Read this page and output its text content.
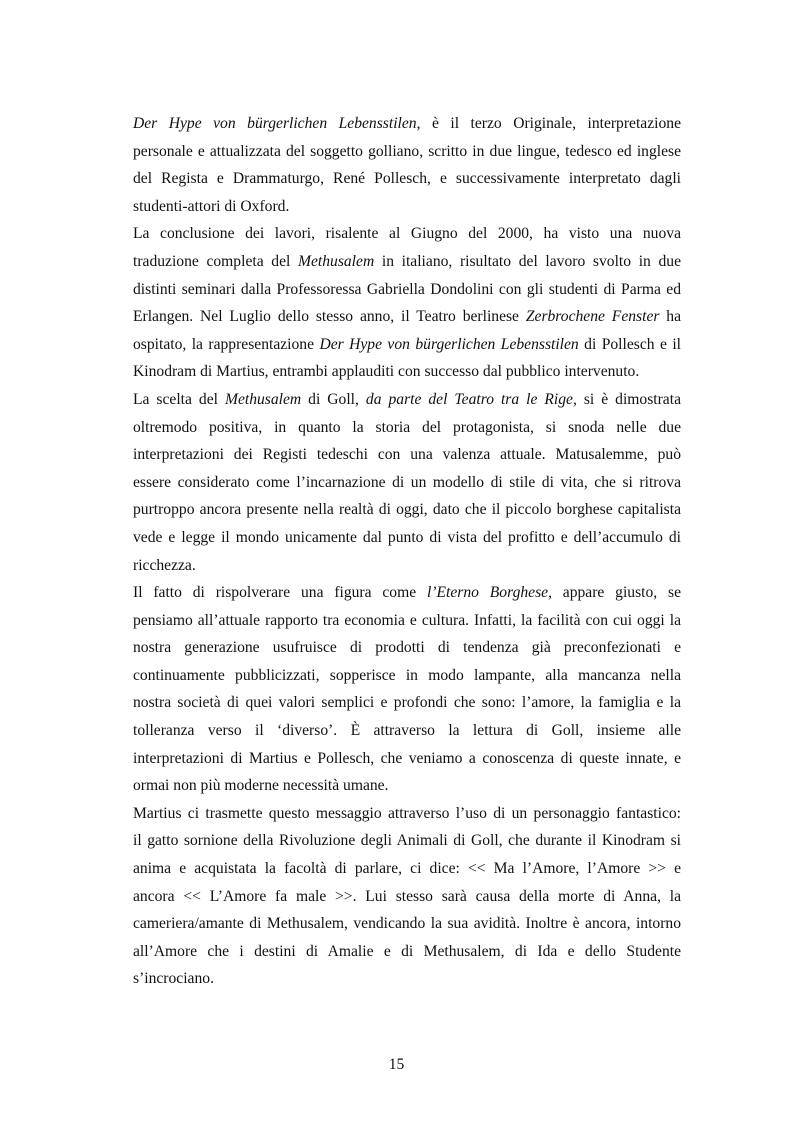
Der Hype von bürgerlichen Lebensstilen, è il terzo Originale, interpretazione
personale e attualizzata del soggetto golliano, scritto in due lingue, tedesco ed inglese
del Regista e Drammaturgo, René Pollesch, e successivamente interpretato dagli
studenti-attori di Oxford.

La conclusione dei lavori, risalente al Giugno del 2000, ha visto una nuova
traduzione completa del Methusalem in italiano, risultato del lavoro svolto in due
distinti seminari dalla Professoressa Gabriella Dondolini con gli studenti di Parma ed
Erlangen. Nel Luglio dello stesso anno, il Teatro berlinese Zerbrochene Fenster ha
ospitato, la rappresentazione Der Hype von bürgerlichen Lebensstilen di Pollesch e il
Kinodram di Martius, entrambi applauditi con successo dal pubblico intervenuto.

La scelta del Methusalem di Goll, da parte del Teatro tra le Rige, si è dimostrata
oltremodo positiva, in quanto la storia del protagonista, si snoda nelle due
interpretazioni dei Registi tedeschi con una valenza attuale. Matusalemme, può
essere considerato come l’incarnazione di un modello di stile di vita, che si ritrova
purtroppo ancora presente nella realtà di oggi, dato che il piccolo borghese capitalista
vede e legge il mondo unicamente dal punto di vista del profitto e dell’accumulo di
ricchezza.

Il fatto di rispolverare una figura come l’Eterno Borghese, appare giusto, se
pensiamo all’attuale rapporto tra economia e cultura. Infatti, la facilità con cui oggi la
nostra generazione usufruisce di prodotti di tendenza già preconfezionati e
continuamente pubblicizzati, sopperisce in modo lampante, alla mancanza nella
nostra società di quei valori semplici e profondi che sono: l’amore, la famiglia e la
tolleranza verso il ‘diverso’. È attraverso la lettura di Goll, insieme alle
interpretazioni di Martius e Pollesch, che veniamo a conoscenza di queste innate, e
ormai non più moderne necessità umane.

Martius ci trasmette questo messaggio attraverso l’uso di un personaggio fantastico:
il gatto sornione della Rivoluzione degli Animali di Goll, che durante il Kinodram si
anima e acquistata la facoltà di parlare, ci dice: << Ma l’Amore, l’Amore >> e
ancora << L’Amore fa male >>. Lui stesso sarà causa della morte di Anna, la
cameriera/amante di Methusalem, vendicando la sua avidità. Inoltre è ancora, intorno
all’Amore che i destini di Amalie e di Methusalem, di Ida e dello Studente
s’incrociano.

15
